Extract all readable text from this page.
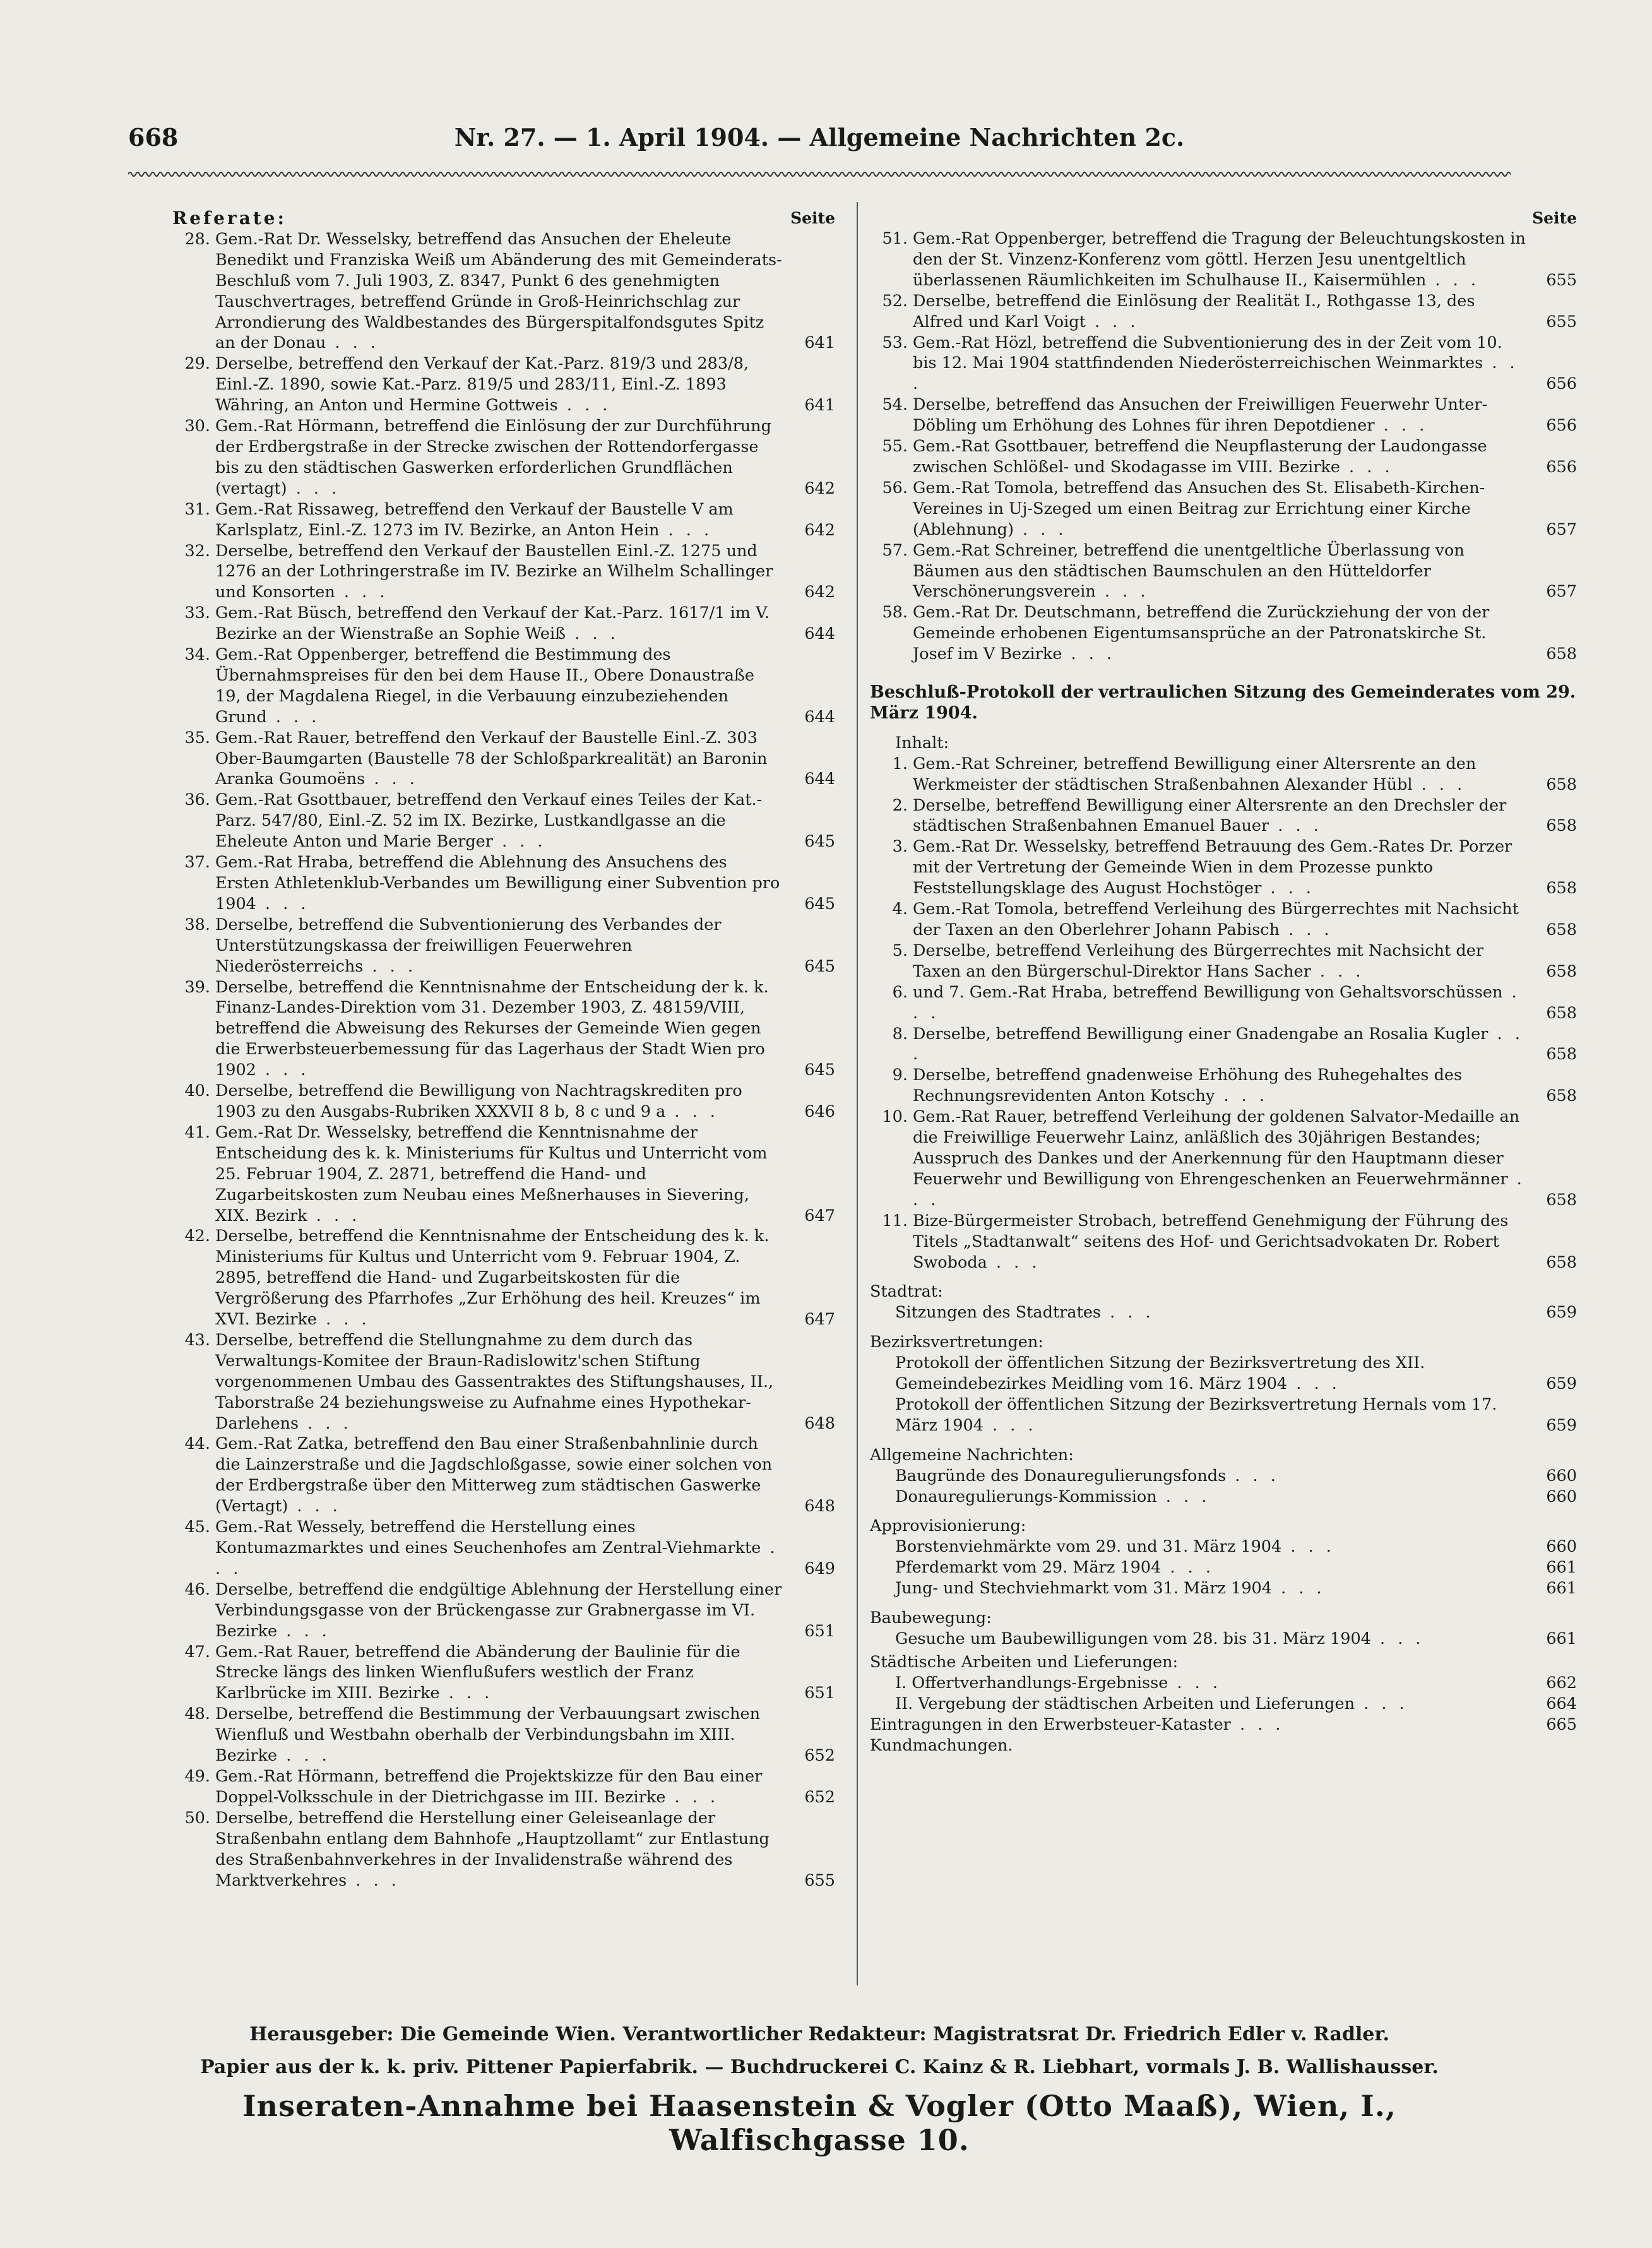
668	Nr. 27. — 1. April 1904. — Allgemeine Nachrichten 2c.
Seite
Referate:
28. Gem.-Rat Dr. Wesselsky, betreffend das Ansuchen der Eheleute Benedikt und Franziska Weiß um Abänderung des mit Gemeinderats-Beschluß vom 7. Juli 1903, Z. 8347, Punkt 6 des genehmigten Tauschvertrages, betreffend Gründe in Groß-Heinrichschlag zur Arrondierung des Waldbestandes des Bürgerspitalfondsgutes Spitz an der Donau . . .	641
29. Derselbe, betreffend den Verkauf der Kat.-Parz. 819/3 und 283/8, Einl.-Z. 1890, sowie Kat.-Parz. 819/5 und 283/11, Einl.-Z. 1893 Währing, an Anton und Hermine Gottweis . . .	641
30. Gem.-Rat Hörmann, betreffend die Einlösung der zur Durchführung der Erdbergstraße in der Strecke zwischen der Rottendorfergasse bis zu den städtischen Gaswerken erforderlichen Grundflächen (vertagt) . . .	642
31. Gem.-Rat Rissaweg, betreffend den Verkauf der Baustelle V am Karlsplatz, Einl.-Z. 1273 im IV. Bezirke, an Anton Hein . . .	642
32. Derselbe, betreffend den Verkauf der Baustellen Einl.-Z. 1275 und 1276 an der Lothringerstraße im IV. Bezirke an Wilhelm Schallinger und Konsorten . . .	642
33. Gem.-Rat Büsch, betreffend den Verkauf der Kat.-Parz. 1617/1 im V. Bezirke an der Wienstraße an Sophie Weiß . . .	644
34. Gem.-Rat Oppenberger, betreffend die Bestimmung des Übernahmspreises für den bei dem Hause II., Obere Donaustraße 19, der Magdalena Riegel, in die Verbauung einzubeziehenden Grund . . .	644
35. Gem.-Rat Rauer, betreffend den Verkauf der Baustelle Einl.-Z. 303 Ober-Baumgarten (Baustelle 78 der Schloßparkrealität) an Baronin Aranka Goumoëns . . .	644
36. Gem.-Rat Gsottbauer, betreffend den Verkauf eines Teiles der Kat.-Parz. 547/80, Einl.-Z. 52 im IX. Bezirke, Lustkandlgasse an die Eheleute Anton und Marie Berger . . .	645
37. Gem.-Rat Hraba, betreffend die Ablehnung des Ansuchens des Ersten Athletenklub-Verbandes um Bewilligung einer Subvention pro 1904 . . .	645
38. Derselbe, betreffend die Subventionierung des Verbandes der Unterstützungskassa der freiwilligen Feuerwehren Niederösterreichs . . .	645
39. Derselbe, betreffend die Kenntnisnahme der Entscheidung der k. k. Finanz-Landes-Direktion vom 31. Dezember 1903, Z. 48159/VIII, betreffend die Abweisung des Rekurses der Gemeinde Wien gegen die Erwerbsteuerbemessung für das Lagerhaus der Stadt Wien pro 1902 . . .	645
40. Derselbe, betreffend die Bewilligung von Nachtragskrediten pro 1903 zu den Ausgabs-Rubriken XXXVII 8 b, 8 c und 9 a . . .	646
41. Gem.-Rat Dr. Wesselsky, betreffend die Kenntnisnahme der Entscheidung des k. k. Ministeriums für Kultus und Unterricht vom 25. Februar 1904, Z. 2871, betreffend die Hand- und Zugarbeitskosten zum Neubau eines Meßnerhauses in Sievering, XIX. Bezirk . . .	647
42. Derselbe, betreffend die Kenntnisnahme der Entscheidung des k. k. Ministeriums für Kultus und Unterricht vom 9. Februar 1904, Z. 2895, betreffend die Hand- und Zugarbeitskosten für die Vergrößerung des Pfarrhofes „Zur Erhöhung des heil. Kreuzes“ im XVI. Bezirke . . .	647
43. Derselbe, betreffend die Stellungnahme zu dem durch das Verwaltungs-Komitee der Braun-Radislowitz'schen Stiftung vorgenommenen Umbau des Gassentraktes des Stiftungshauses, II., Taborstraße 24 beziehungsweise zu Aufnahme eines Hypothekar-Darlehens . . .	648
44. Gem.-Rat Zatka, betreffend den Bau einer Straßenbahnlinie durch die Lainzerstraße und die Jagdschloßgasse, sowie einer solchen von der Erdbergstraße über den Mitterweg zum städtischen Gaswerke (Vertagt) . . .	648
45. Gem.-Rat Wessely, betreffend die Herstellung eines Kontumazmarktes und eines Seuchenhofes am Zentral-Viehmarkte . . .	649
46. Derselbe, betreffend die endgültige Ablehnung der Herstellung einer Verbindungsgasse von der Brückengasse zur Grabnergasse im VI. Bezirke . . .	651
47. Gem.-Rat Rauer, betreffend die Abänderung der Baulinie für die Strecke längs des linken Wienflußufers westlich der Franz Karlbrücke im XIII. Bezirke . . .	651
48. Derselbe, betreffend die Bestimmung der Verbauungsart zwischen Wienfluß und Westbahn oberhalb der Verbindungsbahn im XIII. Bezirke . . .	652
49. Gem.-Rat Hörmann, betreffend die Projektskizze für den Bau einer Doppel-Volksschule in der Dietrichgasse im III. Bezirke . . .	652
50. Derselbe, betreffend die Herstellung einer Geleiseanlage der Straßenbahn entlang dem Bahnhofe „Hauptzollamt“ zur Entlastung des Straßenbahnverkehres in der Invalidenstraße während des Marktverkehres . . .	655
Seite
51. Gem.-Rat Oppenberger, betreffend die Tragung der Beleuchtungskosten in den der St. Vinzenz-Konferenz vom göttl. Herzen Jesu unentgeltlich überlassenen Räumlichkeiten im Schulhause II., Kaisermühlen . . .	655
52. Derselbe, betreffend die Einlösung der Realität I., Rothgasse 13, des Alfred und Karl Voigt . . .	655
53. Gem.-Rat Hözl, betreffend die Subventionierung des in der Zeit vom 10. bis 12. Mai 1904 stattfindenden Niederösterreichischen Weinmarktes . . .	656
54. Derselbe, betreffend das Ansuchen der Freiwilligen Feuerwehr Unter-Döbling um Erhöhung des Lohnes für ihren Depotdiener . . .	656
55. Gem.-Rat Gsottbauer, betreffend die Neupflasterung der Laudongasse zwischen Schlößel- und Skodagasse im VIII. Bezirke . . .	656
56. Gem.-Rat Tomola, betreffend das Ansuchen des St. Elisabeth-Kirchen-Vereines in Uj-Szeged um einen Beitrag zur Errichtung einer Kirche (Ablehnung) . . .	657
57. Gem.-Rat Schreiner, betreffend die unentgeltliche Überlassung von Bäumen aus den städtischen Baumschulen an den Hütteldorfer Verschönerungsverein . . .	657
58. Gem.-Rat Dr. Deutschmann, betreffend die Zurückziehung der von der Gemeinde erhobenen Eigentumsansprüche an der Patronatskirche St. Josef im V Bezirke . . .	658
Beschluß-Protokoll der vertraulichen Sitzung des Gemeinderates vom 29. März 1904.
Inhalt:
1. Gem.-Rat Schreiner, betreffend Bewilligung einer Altersrente an den Werkmeister der städtischen Straßenbahnen Alexander Hübl . . .	658
2. Derselbe, betreffend Bewilligung einer Altersrente an den Drechsler der städtischen Straßenbahnen Emanuel Bauer . . .	658
3. Gem.-Rat Dr. Wesselsky, betreffend Betrauung des Gem.-Rates Dr. Porzer mit der Vertretung der Gemeinde Wien in dem Prozesse punkto Feststellungsklage des August Hochstöger . . .	658
4. Gem.-Rat Tomola, betreffend Verleihung des Bürgerrechtes mit Nachsicht der Taxen an den Oberlehrer Johann Pabisch . . .	658
5. Derselbe, betreffend Verleihung des Bürgerrechtes mit Nachsicht der Taxen an den Bürgerschul-Direktor Hans Sacher . . .	658
6. und 7. Gem.-Rat Hraba, betreffend Bewilligung von Gehaltsvorschüssen . . .	658
8. Derselbe, betreffend Bewilligung einer Gnadengabe an Rosalia Kugler . . .	658
9. Derselbe, betreffend gnadenweise Erhöhung des Ruhegehaltes des Rechnungsrevidenten Anton Kotschy . . .	658
10. Gem.-Rat Rauer, betreffend Verleihung der goldenen Salvator-Medaille an die Freiwillige Feuerwehr Lainz, anläßlich des 30jährigen Bestandes; Ausspruch des Dankes und der Anerkennung für den Hauptmann dieser Feuerwehr und Bewilligung von Ehrengeschenken an Feuerwehrmänner . . .	658
11. Bize-Bürgermeister Strobach, betreffend Genehmigung der Führung des Titels „Stadtanwalt“ seitens des Hof- und Gerichtsadvokaten Dr. Robert Swoboda . . .	658
Stadtrat:
Sitzungen des Stadtrates . . .	659
Bezirksvertretungen:
Protokoll der öffentlichen Sitzung der Bezirksvertretung des XII. Gemeindebezirkes Meidling vom 16. März 1904 . . .	659
Protokoll der öffentlichen Sitzung der Bezirksvertretung Hernals vom 17. März 1904 . . .	659
Allgemeine Nachrichten:
Baugründe des Donauregulierungsfonds . . .	660
Donauregulierungs-Kommission . . .	660
Approvisionierung:
Borstenviehmärkte vom 29. und 31. März 1904 . . .	660
Pferdemarkt vom 29. März 1904 . . .	661
Jung- und Stechviehmarkt vom 31. März 1904 . . .	661
Baubewegung:
Gesuche um Baubewilligungen vom 28. bis 31. März 1904 . . .	661
Städtische Arbeiten und Lieferungen:
I. Offertverhandlungs-Ergebnisse . . .	662
II. Vergebung der städtischen Arbeiten und Lieferungen . . .	664
Eintragungen in den Erwerbsteuer-Kataster . . .	665
Kundmachungen.
Herausgeber: Die Gemeinde Wien. Verantwortlicher Redakteur: Magistratsrat Dr. Friedrich Edler v. Radler.
Papier aus der k. k. priv. Pittener Papierfabrik. — Buchdruckerei C. Kainz & R. Liebhart, vormals J. B. Wallishausser.
Inseraten-Annahme bei Haasenstein & Vogler (Otto Maaß), Wien, I., Walfischgasse 10.
